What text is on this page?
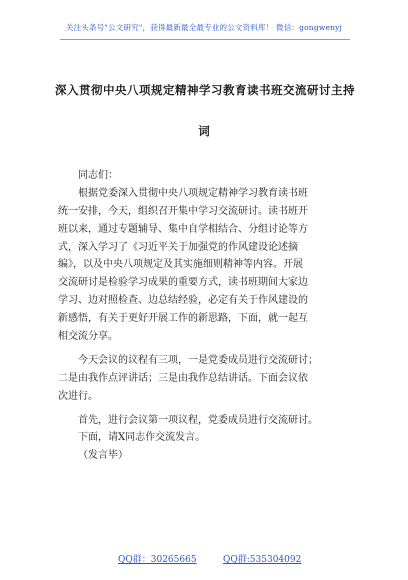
关注头条号"公文研究"，获得最新最全最专业的公文资料库！ 微信：gongwenyj
深入贯彻中央八项规定精神学习教育读书班交流研讨主持
词
同志们：
根据党委深入贯彻中央八项规定精神学习教育读书班
统一安排，今天，组织召开集中学习交流研讨。读书班开
班以来，通过专题辅导、集中自学相结合、分组讨论等方
式，深入学习了《习近平关于加强党的作风建设论述摘
编》，以及中央八项规定及其实施细则精神等内容。开展
交流研讨是检验学习成果的重要方式，读书班期间大家边
学习、边对照检查、边总结经验，必定有关于作风建设的
新感悟，有关于更好开展工作的新思路，下面，就一起互
相交流分享。
今天会议的议程有三项，一是党委成员进行交流研讨；
二是由我作点评讲话；三是由我作总结讲话。下面会议依
次进行。
首先，进行会议第一项议程，党委成员进行交流研讨。
下面，请X同志作交流发言。
（发言毕）
QQ群：30265665	QQ群:535304092
